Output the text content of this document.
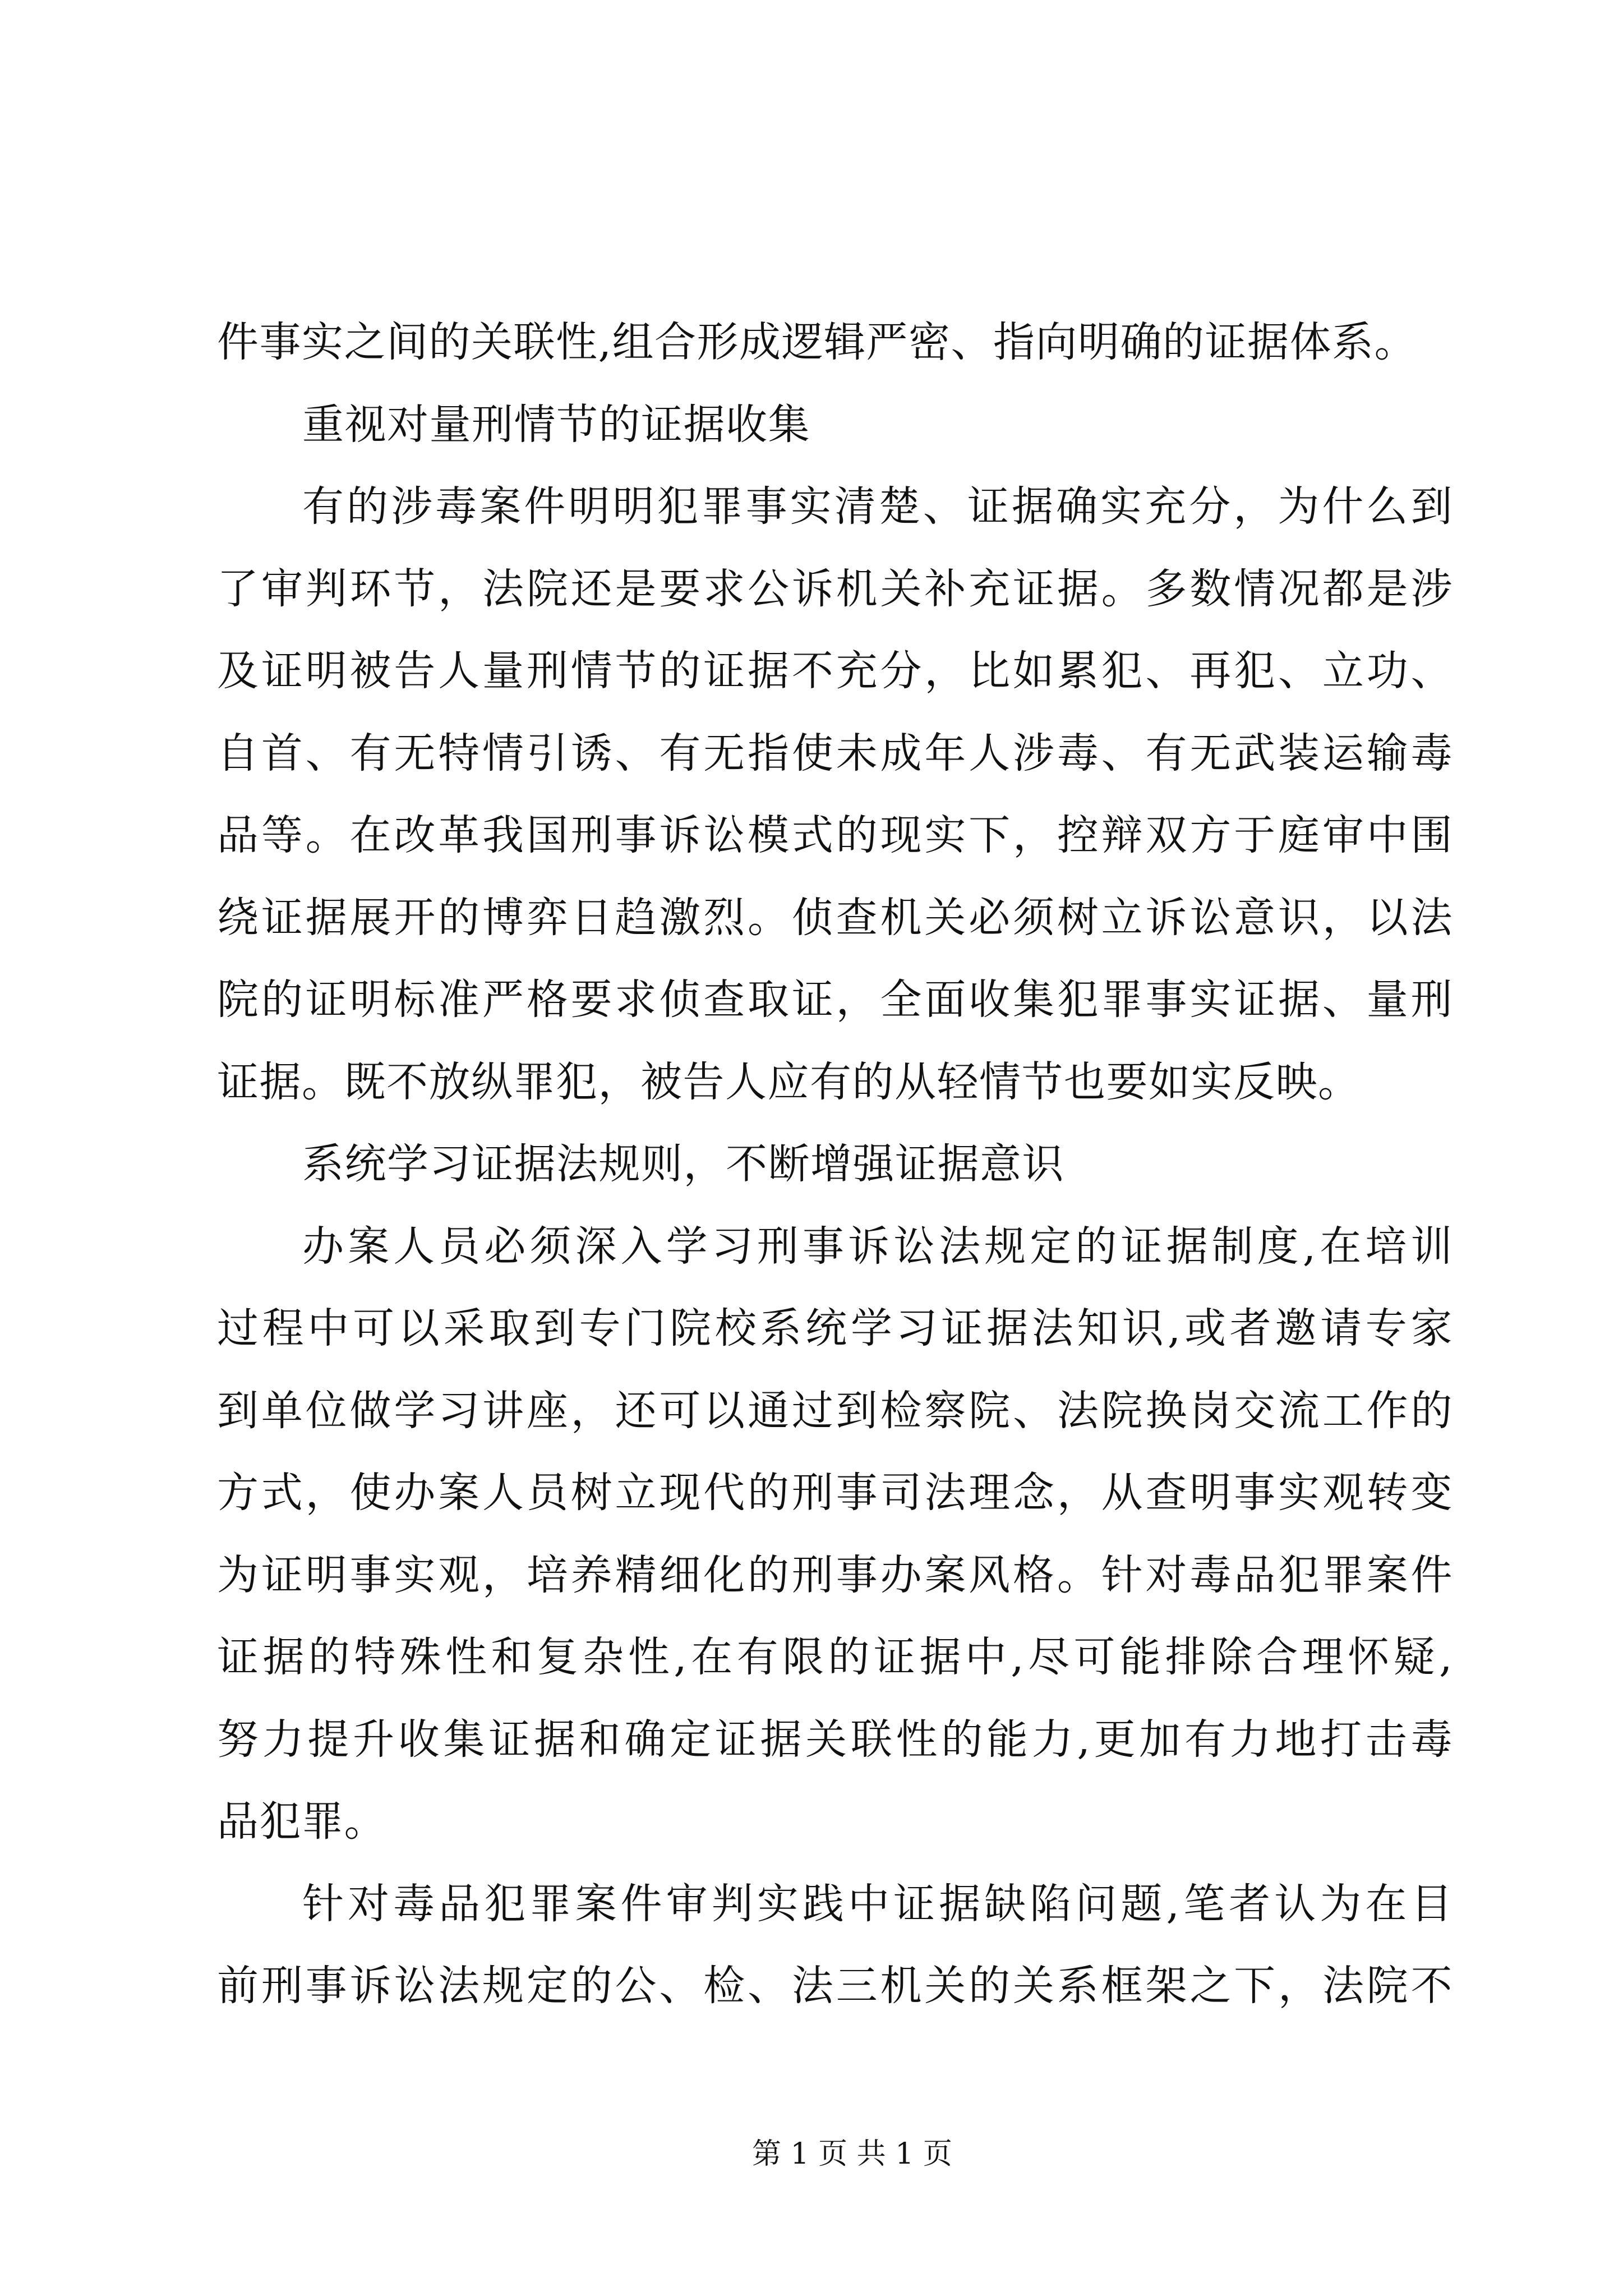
件事实之间的关联性,组合形成逻辑严密、指向明确的证据体系。
重视对量刑情节的证据收集
有的涉毒案件明明犯罪事实清楚、证据确实充分，为什么到
了审判环节，法院还是要求公诉机关补充证据。多数情况都是涉
及证明被告人量刑情节的证据不充分，比如累犯、再犯、立功、
自首、有无特情引诱、有无指使未成年人涉毒、有无武装运输毒
品等。在改革我国刑事诉讼模式的现实下，控辩双方于庭审中围
绕证据展开的博弈日趋激烈。侦查机关必须树立诉讼意识，以法
院的证明标准严格要求侦查取证，全面收集犯罪事实证据、量刑
证据。既不放纵罪犯，被告人应有的从轻情节也要如实反映。
系统学习证据法规则，不断增强证据意识
办案人员必须深入学习刑事诉讼法规定的证据制度,在培训
过程中可以采取到专门院校系统学习证据法知识,或者邀请专家
到单位做学习讲座，还可以通过到检察院、法院换岗交流工作的
方式，使办案人员树立现代的刑事司法理念，从查明事实观转变
为证明事实观，培养精细化的刑事办案风格。针对毒品犯罪案件
证据的特殊性和复杂性,在有限的证据中,尽可能排除合理怀疑,
努力提升收集证据和确定证据关联性的能力,更加有力地打击毒
品犯罪。
针对毒品犯罪案件审判实践中证据缺陷问题,笔者认为在目
前刑事诉讼法规定的公、检、法三机关的关系框架之下，法院不
第 1 页 共 1 页
